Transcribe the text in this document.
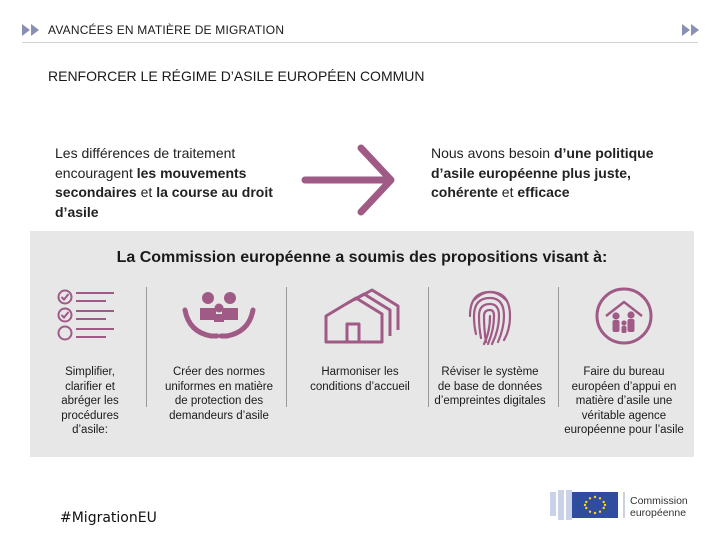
AVANCÉES EN MATIÈRE DE MIGRATION
RENFORCER LE RÉGIME D’ASILE EUROPÉEN COMMUN
Les différences de traitement encouragent les mouvements secondaires et la course au droit d’asile
Nous avons besoin d’une politique d’asile européenne plus juste, cohérente et efficace
La Commission européenne a soumis des propositions visant à:
Simplifier, clarifier et abréger les procédures d’asile:
Créer des normes uniformes en matière de protection des demandeurs d’asile
Harmoniser les conditions d’accueil
Réviser le système de base de données d’empreintes digitales
Faire du bureau européen d’appui en matière d’asile une véritable agence européenne pour l’asile
#MigrationEU
Commission
européenne
